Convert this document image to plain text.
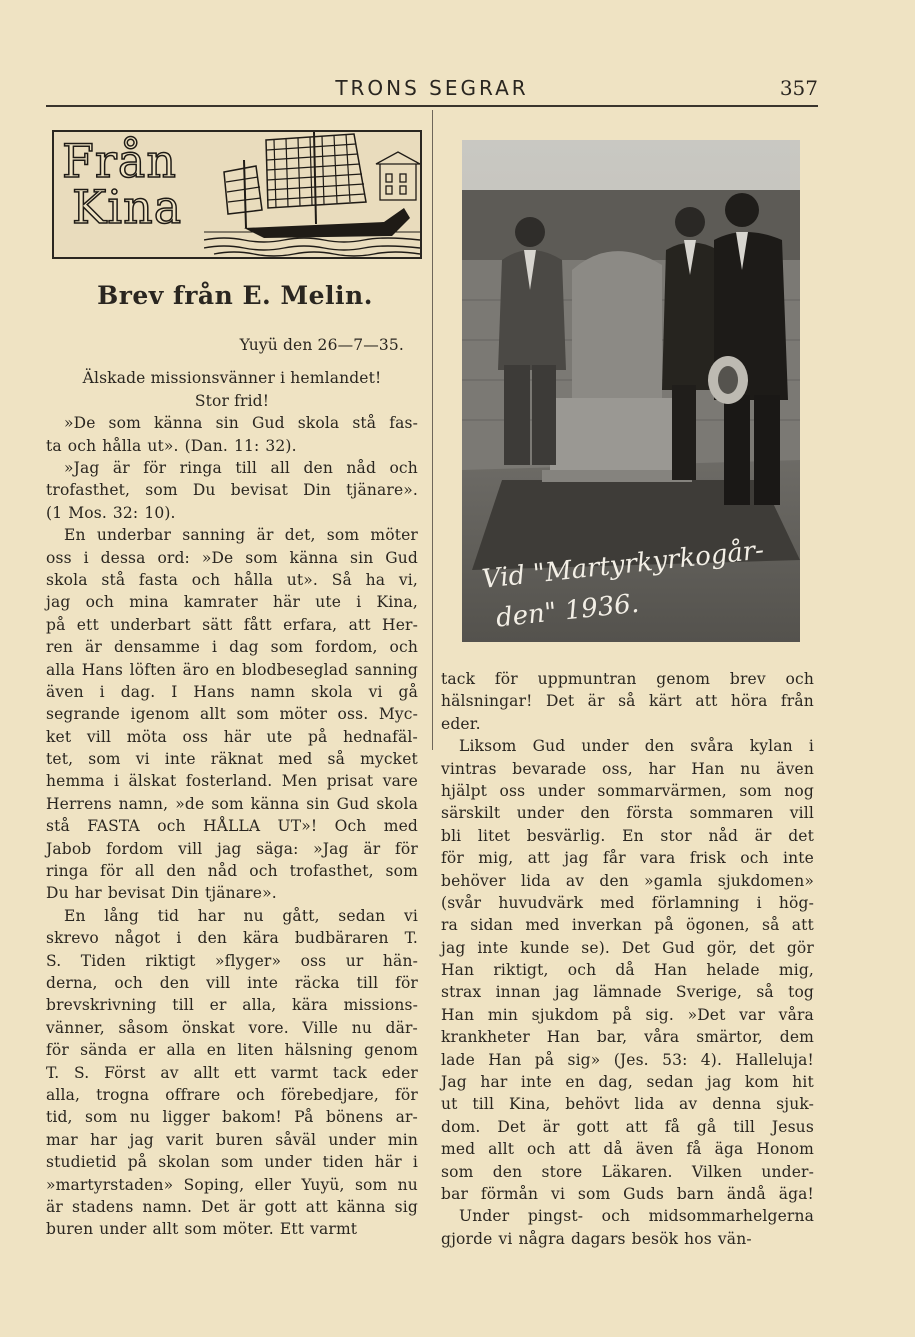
TRONS SEGRAR	357
Från
Kina
Brev från E. Melin.

Yuyü den 26—7—35.

Älskade missionsvänner i hemlandet!

Stor frid!

»De som känna sin Gud skola stå fas-
ta och hålla ut». (Dan. 11: 32).
»Jag är för ringa till all den nåd och
trofasthet, som Du bevisat Din tjänare».
(1 Mos. 32: 10).
En underbar sanning är det, som möter
oss i dessa ord: »De som känna sin Gud
skola stå fasta och hålla ut». Så ha vi,
jag och mina kamrater här ute i Kina,
på ett underbart sätt fått erfara, att Her-
ren är densamme i dag som fordom, och
alla Hans löften äro en blodbeseglad sanning
även i dag. I Hans namn skola vi gå
segrande igenom allt som möter oss. Myc-
ket vill möta oss här ute på hednafäl-
tet, som vi inte räknat med så mycket
hemma i älskat fosterland. Men prisat vare
Herrens namn, »de som känna sin Gud skola
stå FASTA och HÅLLA UT»! Och med
Jabob fordom vill jag säga: »Jag är för
ringa för all den nåd och trofasthet, som
Du har bevisat Din tjänare».
En lång tid har nu gått, sedan vi
skrevo något i den kära budbäraren T.
S. Tiden riktigt »flyger» oss ur hän-
derna, och den vill inte räcka till för
brevskrivning till er alla, kära missions-
vänner, såsom önskat vore. Ville nu där-
för sända er alla en liten hälsning genom
T. S. Först av allt ett varmt tack eder
alla, trogna offrare och förebedjare, för
tid, som nu ligger bakom! På bönens ar-
mar har jag varit buren såväl under min
studietid på skolan som under tiden här i
»martyrstaden» Soping, eller Yuyü, som nu
är stadens namn. Det är gott att känna sig
buren under allt som möter. Ett varmt
Vid "Martyrkyrkogår-
den" 1936.
tack för uppmuntran genom brev och
hälsningar! Det är så kärt att höra från
eder.
Liksom Gud under den svåra kylan i
vintras bevarade oss, har Han nu även
hjälpt oss under sommarvärmen, som nog
särskilt under den första sommaren vill
bli litet besvärlig. En stor nåd är det
för mig, att jag får vara frisk och inte
behöver lida av den »gamla sjukdomen»
(svår huvudvärk med förlamning i hög-
ra sidan med inverkan på ögonen, så att
jag inte kunde se). Det Gud gör, det gör
Han riktigt, och då Han helade mig,
strax innan jag lämnade Sverige, så tog
Han min sjukdom på sig. »Det var våra
krankheter Han bar, våra smärtor, dem
lade Han på sig» (Jes. 53: 4). Halleluja!
Jag har inte en dag, sedan jag kom hit
ut till Kina, behövt lida av denna sjuk-
dom. Det är gott att få gå till Jesus
med allt och att då även få äga Honom
som den store Läkaren. Vilken under-
bar förmån vi som Guds barn ändå äga!
Under pingst- och midsommarhelgerna
gjorde vi några dagars besök hos vän-
